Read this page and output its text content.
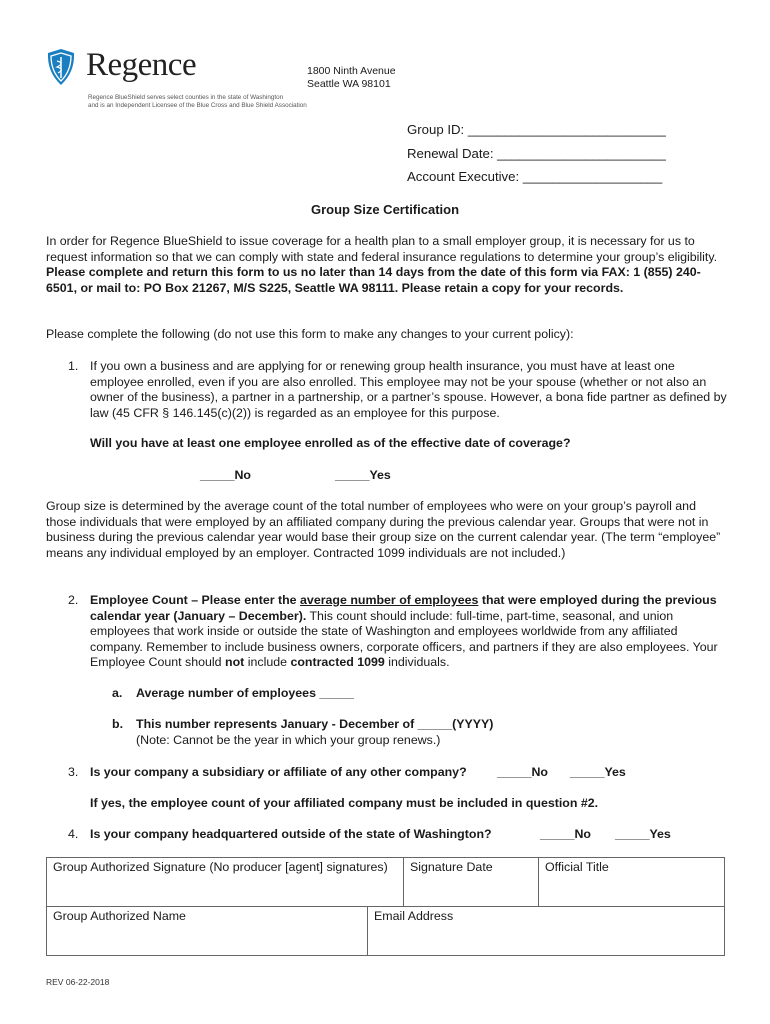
Regence
Regence BlueShield serves select counties in the state of Washington
and is an Independent Licensee of the Blue Cross and Blue Shield Association
1800 Ninth Avenue
Seattle WA 98101
Group ID: ___________________________
Renewal Date: _______________________
Account Executive: ___________________
Group Size Certification
In order for Regence BlueShield to issue coverage for a health plan to a small employer group, it is necessary for us to request information so that we can comply with state and federal insurance regulations to determine your group’s eligibility. Please complete and return this form to us no later than 14 days from the date of this form via FAX: 1 (855) 240-6501, or mail to: PO Box 21267, M/S S225, Seattle WA 98111. Please retain a copy for your records.
Please complete the following (do not use this form to make any changes to your current policy):
1. If you own a business and are applying for or renewing group health insurance, you must have at least one employee enrolled, even if you are also enrolled. This employee may not be your spouse (whether or not also an owner of the business), a partner in a partnership, or a partner’s spouse. However, a bona fide partner as defined by law (45 CFR § 146.145(c)(2)) is regarded as an employee for this purpose.
Will you have at least one employee enrolled as of the effective date of coverage?
_____No	_____Yes
Group size is determined by the average count of the total number of employees who were on your group’s payroll and those individuals that were employed by an affiliated company during the previous calendar year. Groups that were not in business during the previous calendar year would base their group size on the current calendar year. (The term “employee” means any individual employed by an employer. Contracted 1099 individuals are not included.)
2. Employee Count – Please enter the average number of employees that were employed during the previous calendar year (January – December). This count should include: full-time, part-time, seasonal, and union employees that work inside or outside the state of Washington and employees worldwide from any affiliated company. Remember to include business owners, corporate officers, and partners if they are also employees. Your Employee Count should not include contracted 1099 individuals.
a. Average number of employees _____
b. This number represents January - December of _____(YYYY)
(Note: Cannot be the year in which your group renews.)
3. Is your company a subsidiary or affiliate of any other company? _____No _____Yes
If yes, the employee count of your affiliated company must be included in question #2.
4. Is your company headquartered outside of the state of Washington?	_____No _____Yes
Group Authorized Signature (No producer [agent] signatures)	Signature Date	Official Title
Group Authorized Name	Email Address
REV 06-22-2018
